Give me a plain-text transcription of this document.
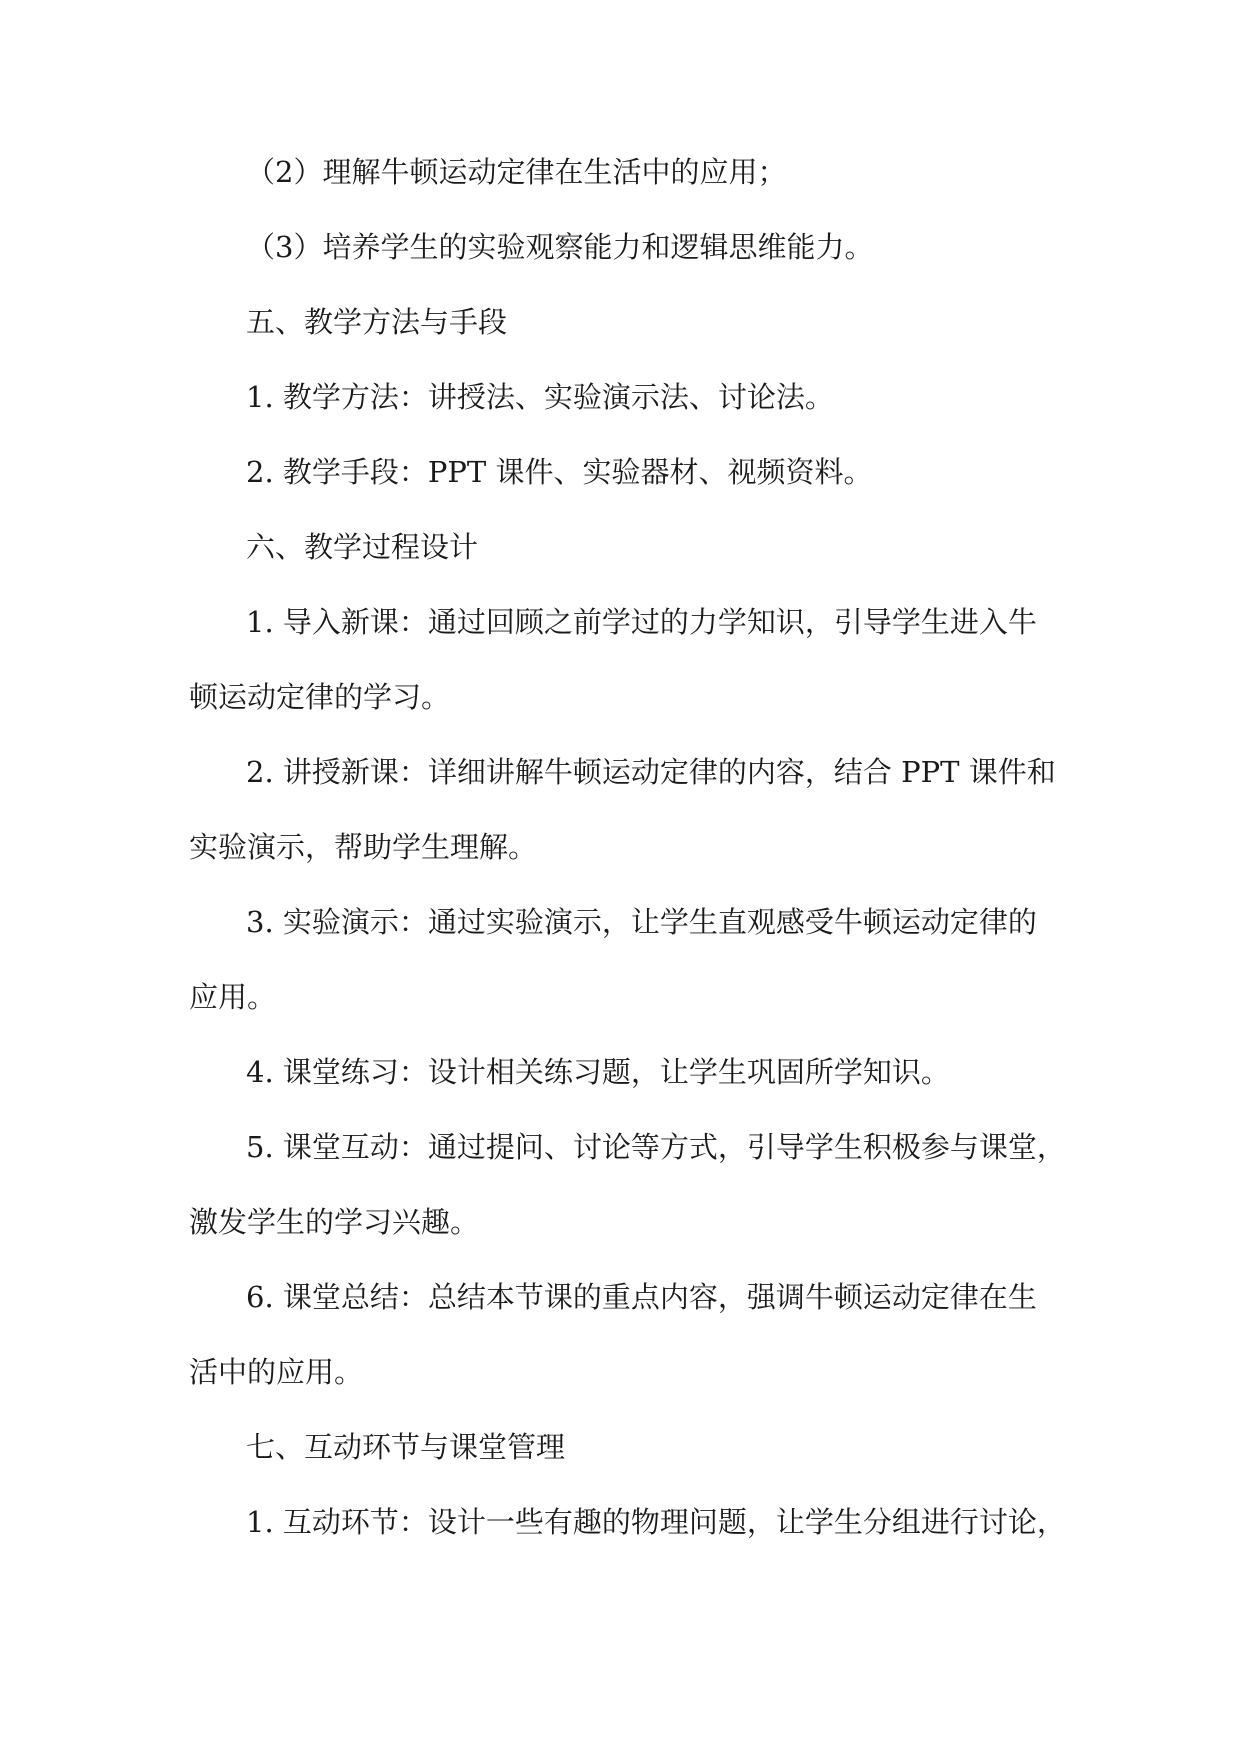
（2）理解牛顿运动定律在生活中的应用；
（3）培养学生的实验观察能力和逻辑思维能力。
五、教学方法与手段
1. 教学方法：讲授法、实验演示法、讨论法。
2. 教学手段：PPT 课件、实验器材、视频资料。
六、教学过程设计
1. 导入新课：通过回顾之前学过的力学知识，引导学生进入牛
顿运动定律的学习。
2. 讲授新课：详细讲解牛顿运动定律的内容，结合 PPT 课件和
实验演示，帮助学生理解。
3. 实验演示：通过实验演示，让学生直观感受牛顿运动定律的
应用。
4. 课堂练习：设计相关练习题，让学生巩固所学知识。
5. 课堂互动：通过提问、讨论等方式，引导学生积极参与课堂，
激发学生的学习兴趣。
6. 课堂总结：总结本节课的重点内容，强调牛顿运动定律在生
活中的应用。
七、互动环节与课堂管理
1. 互动环节：设计一些有趣的物理问题，让学生分组进行讨论，
